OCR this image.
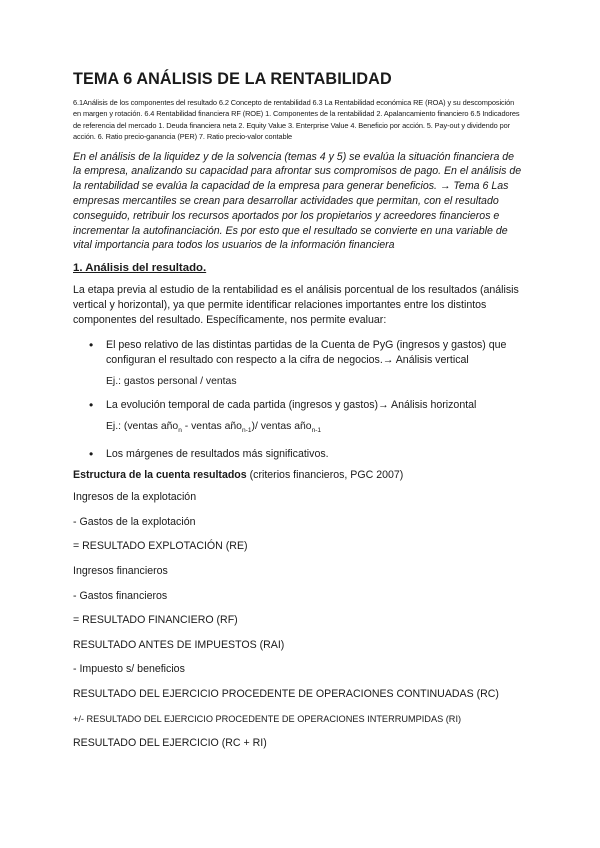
TEMA 6 ANÁLISIS DE LA RENTABILIDAD

6.1Análisis de los componentes del resultado 6.2 Concepto de rentabilidad 6.3 La Rentabilidad económica RE (ROA) y su descomposición en margen y rotación. 6.4 Rentabilidad financiera RF (ROE) 1. Componentes de la rentabilidad 2. Apalancamiento financiero 6.5 Indicadores de referencia del mercado 1. Deuda financiera neta 2. Equity Value 3. Enterprise Value 4. Beneficio por acción. 5. Pay-out y dividendo por acción. 6. Ratio precio-ganancia (PER) 7. Ratio precio-valor contable

En el análisis de la liquidez y de la solvencia (temas 4 y 5) se evalúa la situación financiera de la empresa, analizando su capacidad para afrontar sus compromisos de pago. En el análisis de la rentabilidad se evalúa la capacidad de la empresa para generar beneficios. → Tema 6 Las empresas mercantiles se crean para desarrollar actividades que permitan, con el resultado conseguido, retribuir los recursos aportados por los propietarios y acreedores financieros e incrementar la autofinanciación. Es por esto que el resultado se convierte en una variable de vital importancia para todos los usuarios de la información financiera

1. Análisis del resultado.

La etapa previa al estudio de la rentabilidad es el análisis porcentual de los resultados (análisis vertical y horizontal), ya que permite identificar relaciones importantes entre los distintos componentes del resultado. Específicamente, nos permite evaluar:

• El peso relativo de las distintas partidas de la Cuenta de PyG (ingresos y gastos) que configuran el resultado con respecto a la cifra de negocios.→ Análisis vertical
Ej.: gastos personal / ventas
• La evolución temporal de cada partida (ingresos y gastos)→ Análisis horizontal
Ej.: (ventas año$_n$ - ventas año$_{n-1}$)/ ventas año$_{n-1}$
• Los márgenes de resultados más significativos.
Estructura de la cuenta resultados (criterios financieros, PGC 2007)
Ingresos de la explotación
- Gastos de la explotación
= RESULTADO EXPLOTACIÓN (RE)
Ingresos financieros
- Gastos financieros
= RESULTADO FINANCIERO (RF)
RESULTADO ANTES DE IMPUESTOS (RAI)
- Impuesto s/ beneficios
RESULTADO DEL EJERCICIO PROCEDENTE DE OPERACIONES CONTINUADAS (RC)
+/- RESULTADO DEL EJERCICIO PROCEDENTE DE OPERACIONES INTERRUMPIDAS (RI)
RESULTADO DEL EJERCICIO (RC + RI)
